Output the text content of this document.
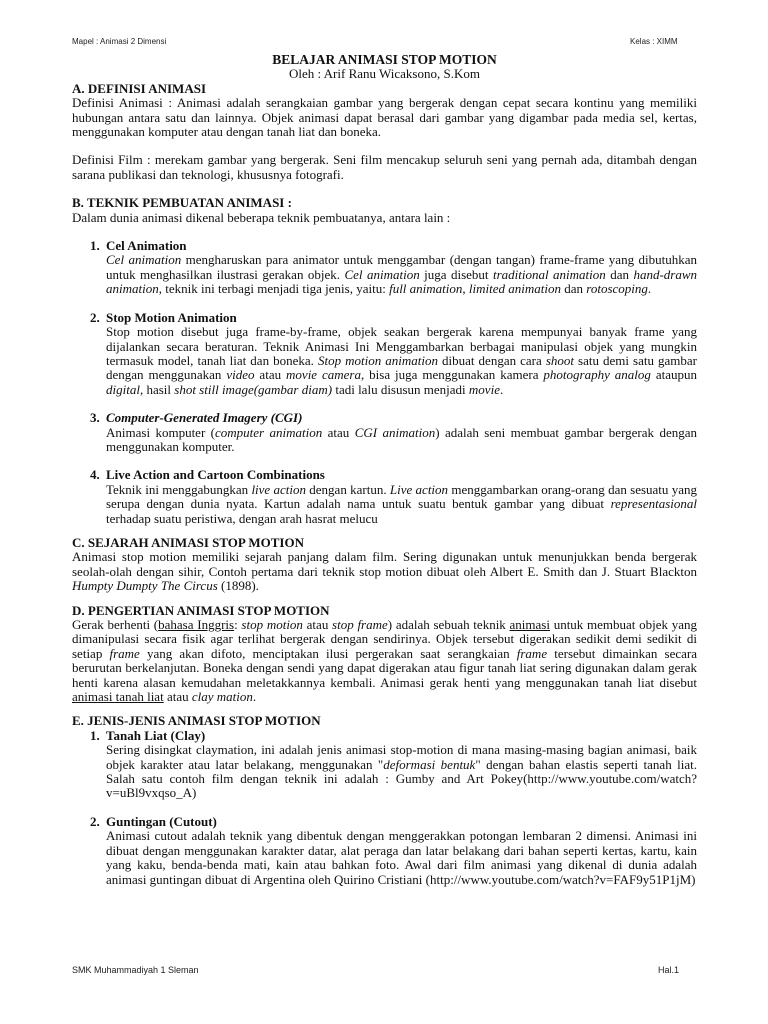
Mapel : Animasi 2 Dimensi	Kelas : XIMM
BELAJAR ANIMASI STOP MOTION
Oleh : Arif Ranu Wicaksono, S.Kom
A. DEFINISI ANIMASI

Definisi Animasi : Animasi adalah serangkaian gambar yang bergerak dengan cepat secara kontinu yang memiliki hubungan antara satu dan lainnya. Objek animasi dapat berasal dari gambar yang digambar pada media sel, kertas, menggunakan komputer atau dengan tanah liat dan boneka.

Definisi Film : merekam gambar yang bergerak. Seni film mencakup seluruh seni yang pernah ada, ditambah dengan sarana publikasi dan teknologi, khususnya fotografi.

B. TEKNIK PEMBUATAN ANIMASI :

Dalam dunia animasi dikenal beberapa teknik pembuatanya, antara lain :

1. Cel Animation
Cel animation mengharuskan para animator untuk menggambar (dengan tangan) frame-frame yang dibutuhkan untuk menghasilkan ilustrasi gerakan objek. Cel animation juga disebut traditional animation dan hand-drawn animation, teknik ini terbagi menjadi tiga jenis, yaitu: full animation, limited animation dan rotoscoping.
2. Stop Motion Animation
Stop motion disebut juga frame-by-frame, objek seakan bergerak karena mempunyai banyak frame yang dijalankan secara beraturan. Teknik Animasi Ini Menggambarkan berbagai manipulasi objek yang mungkin termasuk model, tanah liat dan boneka. Stop motion animation dibuat dengan cara shoot satu demi satu gambar dengan menggunakan video atau movie camera, bisa juga menggunakan kamera photography analog ataupun digital, hasil shot still image(gambar diam) tadi lalu disusun menjadi movie.
3. Computer-Generated Imagery (CGI)
Animasi komputer (computer animation atau CGI animation) adalah seni membuat gambar bergerak dengan menggunakan komputer.
4. Live Action and Cartoon Combinations
Teknik ini menggabungkan live action dengan kartun. Live action menggambarkan orang-orang dan sesuatu yang serupa dengan dunia nyata. Kartun adalah nama untuk suatu bentuk gambar yang dibuat representasional terhadap suatu peristiwa, dengan arah hasrat melucu
C. SEJARAH ANIMASI STOP MOTION

Animasi stop motion memiliki sejarah panjang dalam film. Sering digunakan untuk menunjukkan benda bergerak seolah-olah dengan sihir, Contoh pertama dari teknik stop motion dibuat oleh Albert E. Smith dan J. Stuart Blackton Humpty Dumpty The Circus (1898).

D. PENGERTIAN ANIMASI STOP MOTION

Gerak berhenti (bahasa Inggris: stop motion atau stop frame) adalah sebuah teknik animasi untuk membuat objek yang dimanipulasi secara fisik agar terlihat bergerak dengan sendirinya. Objek tersebut digerakan sedikit demi sedikit di setiap frame yang akan difoto, menciptakan ilusi pergerakan saat serangkaian frame tersebut dimainkan secara berurutan berkelanjutan. Boneka dengan sendi yang dapat digerakan atau figur tanah liat sering digunakan dalam gerak henti karena alasan kemudahan meletakkannya kembali. Animasi gerak henti yang menggunakan tanah liat disebut animasi tanah liat atau clay mation.

E. JENIS-JENIS ANIMASI STOP MOTION
1. Tanah Liat (Clay)
Sering disingkat claymation, ini adalah jenis animasi stop-motion di mana masing-masing bagian animasi, baik objek karakter atau latar belakang, menggunakan "deformasi bentuk" dengan bahan elastis seperti tanah liat. Salah satu contoh film dengan teknik ini adalah : Gumby and Art Pokey(http://www.youtube.com/watch?v=uBl9vxqso_A)
2. Guntingan (Cutout)
Animasi cutout adalah teknik yang dibentuk dengan menggerakkan potongan lembaran 2 dimensi. Animasi ini dibuat dengan menggunakan karakter datar, alat peraga dan latar belakang dari bahan seperti kertas, kartu, kain yang kaku, benda-benda mati, kain atau bahkan foto. Awal dari film animasi yang dikenal di dunia adalah animasi guntingan dibuat di Argentina oleh Quirino Cristiani (http://www.youtube.com/watch?v=FAF9y51P1jM)
SMK Muhammadiyah 1 Sleman	Hal.1
